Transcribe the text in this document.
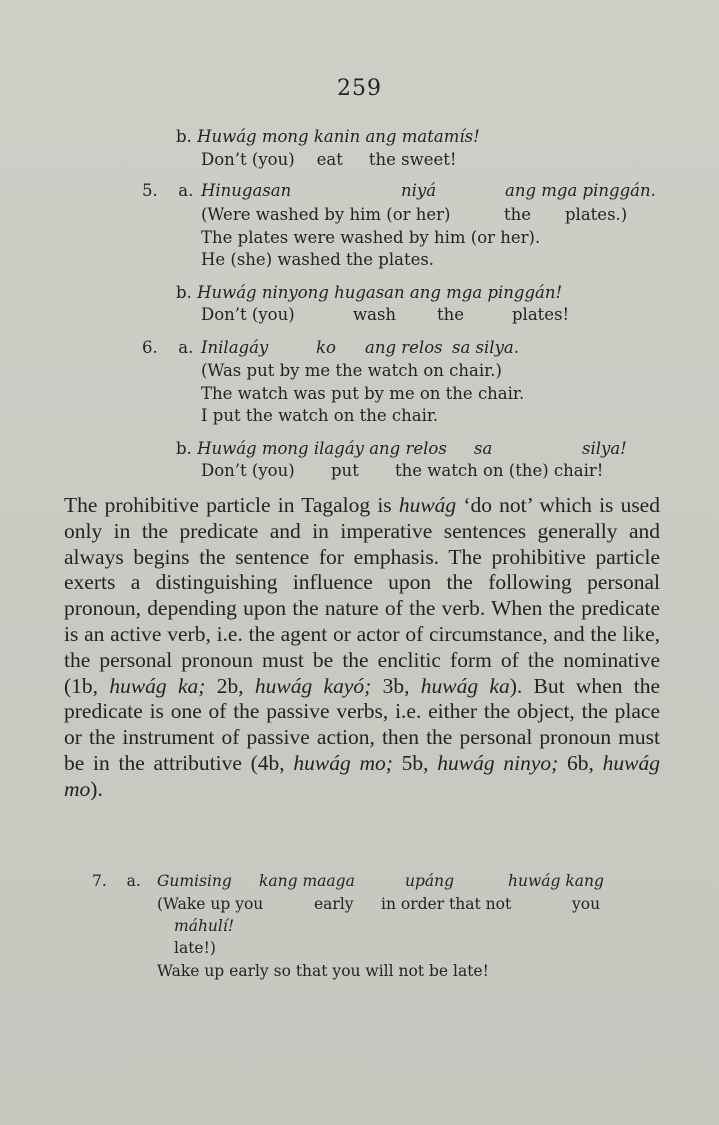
259
b. Huwág mong kanin ang matamís!
Don’t (you) eat the sweet!
5. a. Hinugasan	niyá	ang mga pinggán.
(Were washed by him (or her)	the plates.)
The plates were washed by him (or her).
He (she) washed the plates.
b. Huwág ninyong hugasan ang mga pinggán!
Don’t (you)	wash the	plates!
6. a. Inilagáy	ko ang relos sa silya.
(Was put by me the watch on chair.)
The watch was put by me on the chair.
I put the watch on the chair.
b. Huwág mong ilagáy ang relos sa	silya!
Don’t (you) put the watch on (the) chair!

The prohibitive particle in Tagalog is huwág ‘do not’ which is used only in the predicate and in imperative sentences generally and always begins the sentence for emphasis. The prohibitive particle exerts a distinguishing influence upon the following personal pronoun, depending upon the nature of the verb. When the predicate is an active verb, i.e. the agent or actor of circumstance, and the like, the personal pronoun must be the enclitic form of the nominative (1b, huwág ka; 2b, huwág kayó; 3b, huwág ka). But when the predicate is one of the passive verbs, i.e. either the object, the place or the instrument of passive action, then the personal pronoun must be in the attributive (4b, huwág mo; 5b, huwág ninyo; 6b, huwág mo).

7. a. Gumising kang maaga	upáng	huwág kang
(Wake up you	early in order that not	you
máhulí!
late!)
Wake up early so that you will not be late!
